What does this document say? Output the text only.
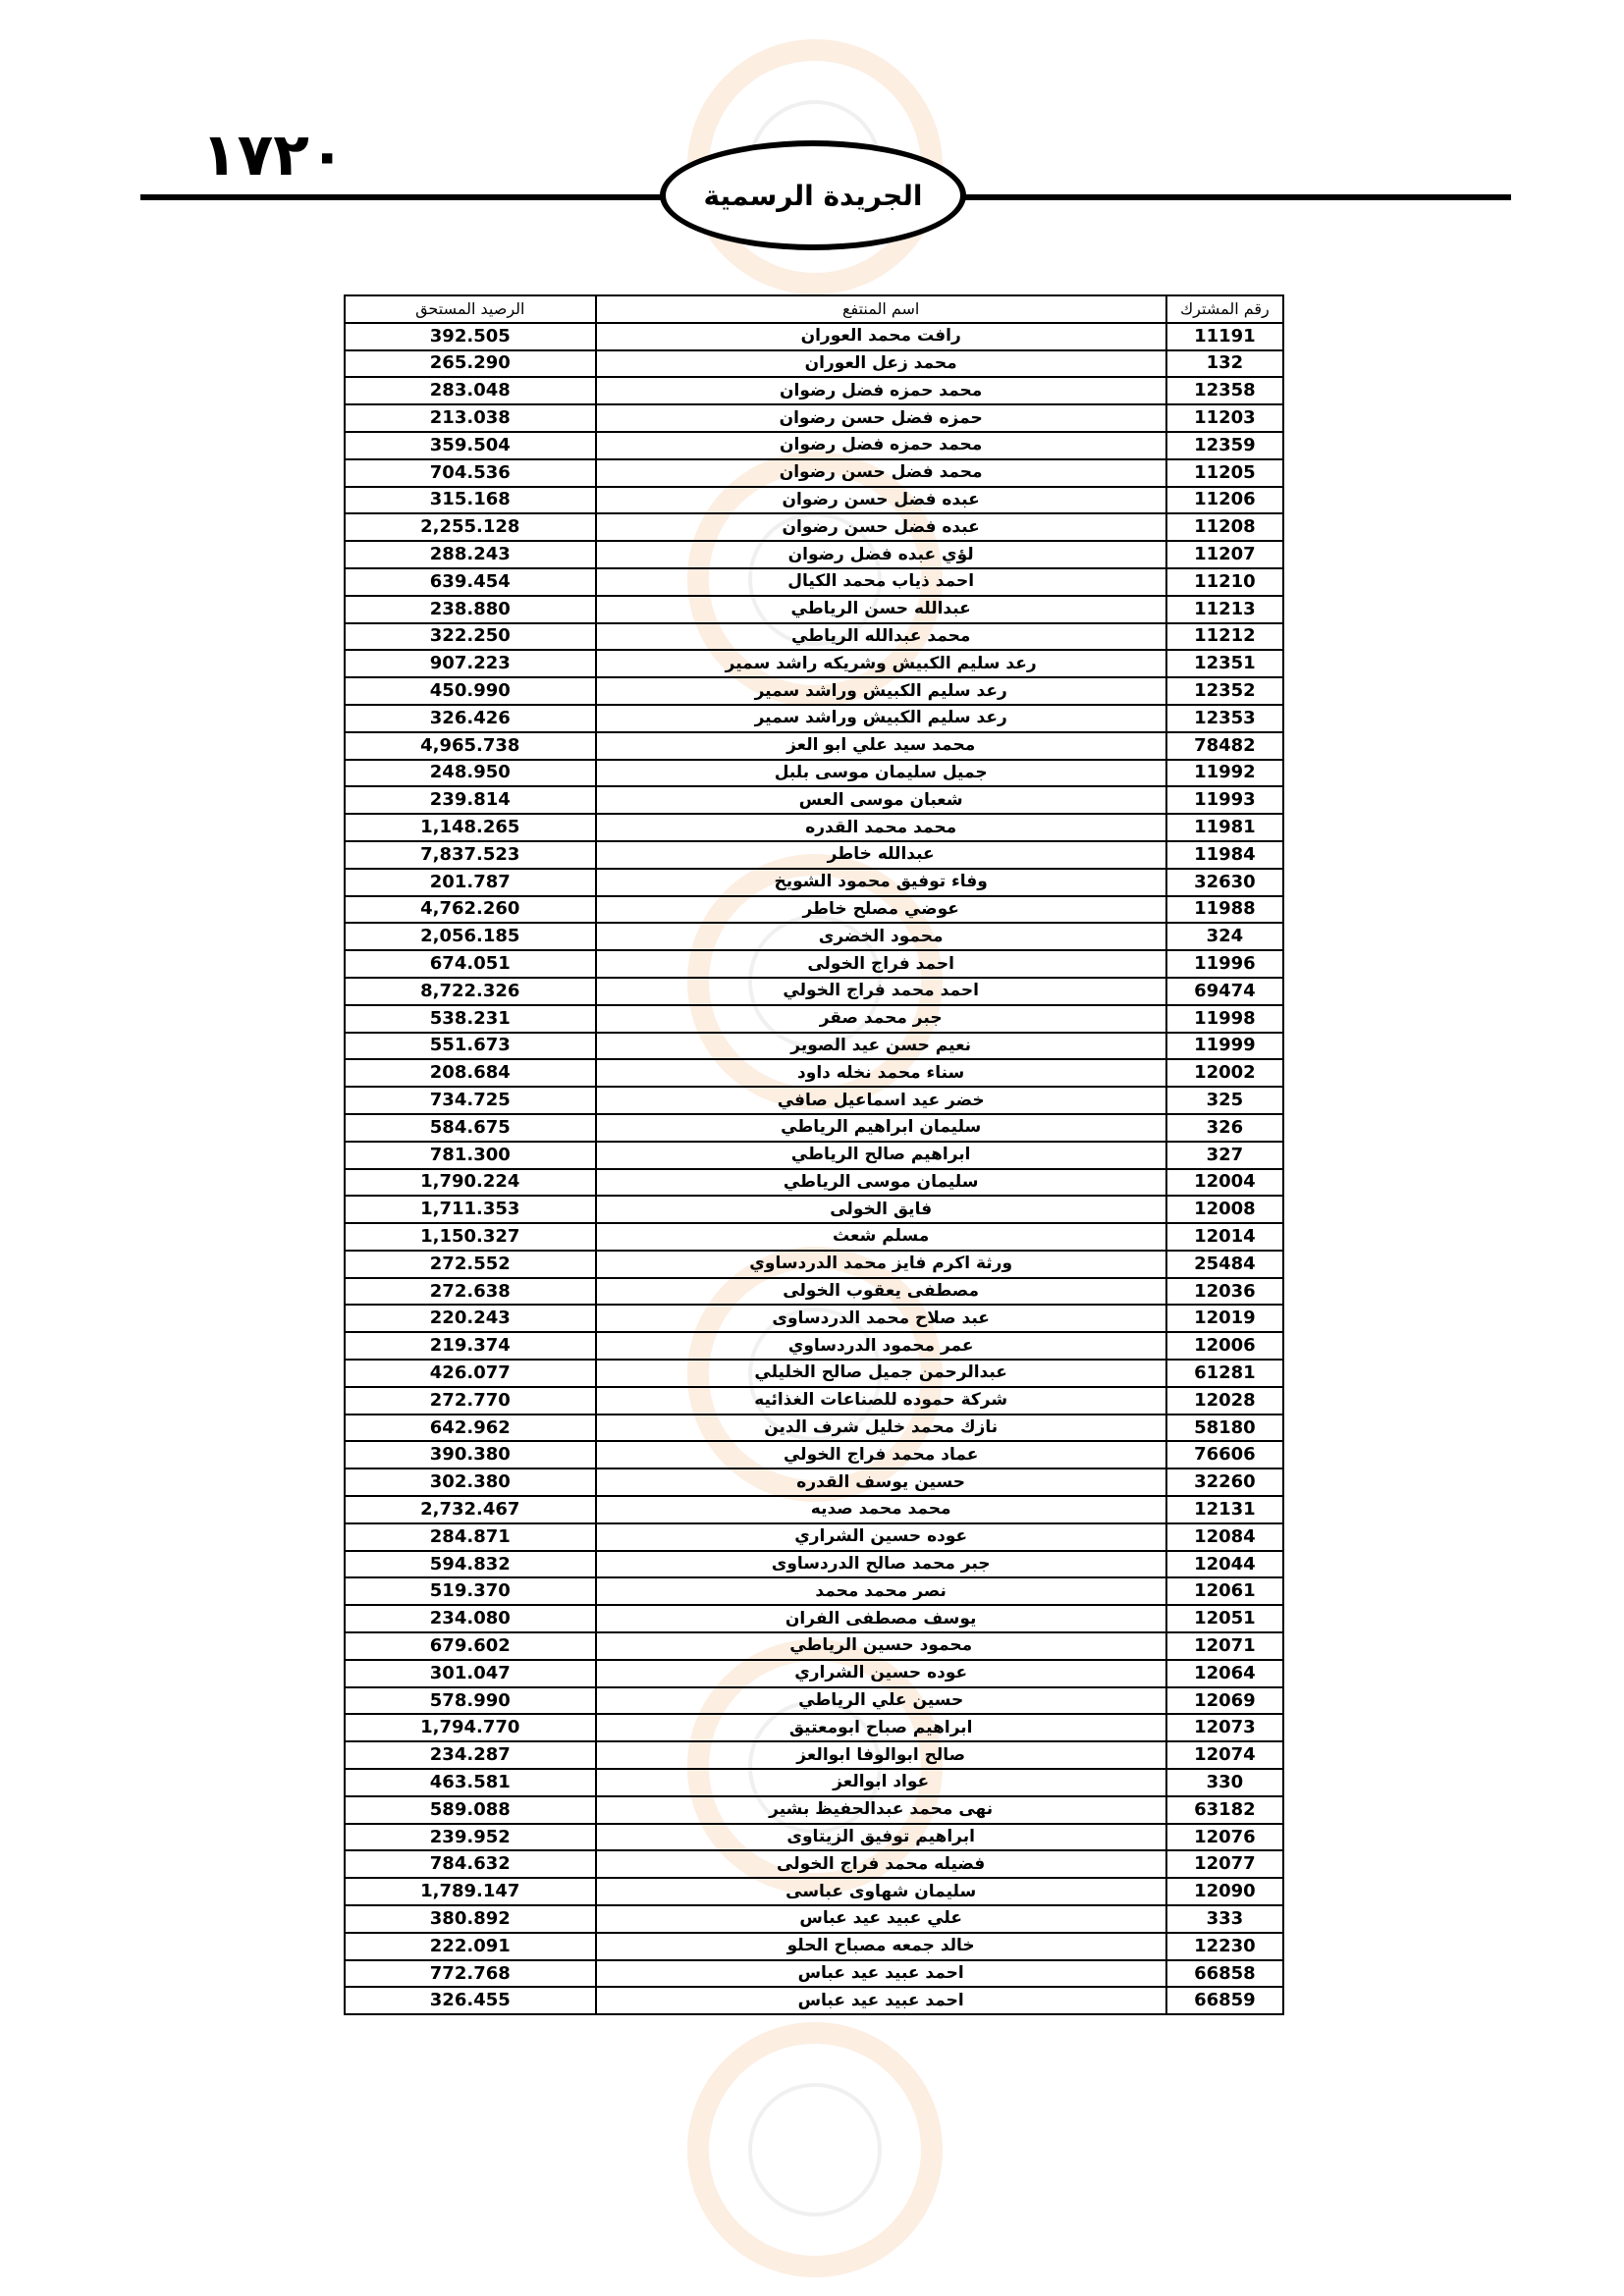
١٧٢٠
الجريدة الرسمية
رقم المشترك	اسم المنتفع	الرصيد المستحق
11191	رافت محمد العوران	392.505
132	محمد زعل العوران	265.290
12358	محمد حمزه فضل رضوان	283.048
11203	حمزه فضل حسن رضوان	213.038
12359	محمد حمزه فضل رضوان	359.504
11205	محمد فضل حسن رضوان	704.536
11206	عبده فضل حسن رضوان	315.168
11208	عبده فضل حسن رضوان	2,255.128
11207	لؤي عبده فضل رضوان	288.243
11210	احمد ذياب محمد الكيال	639.454
11213	عبدالله حسن الرياطي	238.880
11212	محمد عبدالله الرياطي	322.250
12351	رعد سليم الكبيش وشريكه راشد سمير	907.223
12352	رعد سليم الكبيش وراشد سمير	450.990
12353	رعد سليم الكبيش وراشد سمير	326.426
78482	محمد سيد علي ابو العز	4,965.738
11992	جميل سليمان موسى بلبل	248.950
11993	شعبان موسى العس	239.814
11981	محمد محمد القدره	1,148.265
11984	عبدالله خاطر	7,837.523
32630	وفاء توفيق محمود الشويخ	201.787
11988	عوضي مصلح خاطر	4,762.260
324	محمود الخضرى	2,056.185
11996	احمد فراج الخولى	674.051
69474	احمد محمد فراج الخولي	8,722.326
11998	جبر محمد صقر	538.231
11999	نعيم حسن عيد الصوير	551.673
12002	سناء محمد نخله داود	208.684
325	خضر عيد اسماعيل صافي	734.725
326	سليمان ابراهيم الرياطي	584.675
327	ابراهيم صالح الرياطي	781.300
12004	سليمان موسى الرياطي	1,790.224
12008	فايق الخولى	1,711.353
12014	مسلم شعث	1,150.327
25484	ورثة اكرم فايز محمد الدردساوي	272.552
12036	مصطفى يعقوب الخولى	272.638
12019	عبد صلاح محمد الدردساوى	220.243
12006	عمر محمود الدردساوي	219.374
61281	عبدالرحمن جميل صالح الخليلي	426.077
12028	شركة حموده للصناعات الغذائيه	272.770
58180	نازك محمد خليل شرف الدين	642.962
76606	عماد محمد فراج الخولي	390.380
32260	حسين يوسف القدره	302.380
12131	محمد محمد صديه	2,732.467
12084	عوده حسين الشراري	284.871
12044	جبر محمد صالح الدردساوى	594.832
12061	نصر محمد محمد	519.370
12051	يوسف مصطفى الفران	234.080
12071	محمود حسين الرياطي	679.602
12064	عوده حسين الشراري	301.047
12069	حسين علي الرياطي	578.990
12073	ابراهيم صباح ابومعتيق	1,794.770
12074	صالح ابوالوفا ابوالعز	234.287
330	عواد ابوالعز	463.581
63182	نهى محمد عبدالحفيظ بشير	589.088
12076	ابراهيم توفيق الزيتاوى	239.952
12077	فضيله محمد فراج الخولى	784.632
12090	سليمان شهاوى عباسى	1,789.147
333	علي عبيد عيد عباس	380.892
12230	خالد جمعه مصباح الحلو	222.091
66858	احمد عبيد عيد عباس	772.768
66859	احمد عبيد عيد عباس	326.455
